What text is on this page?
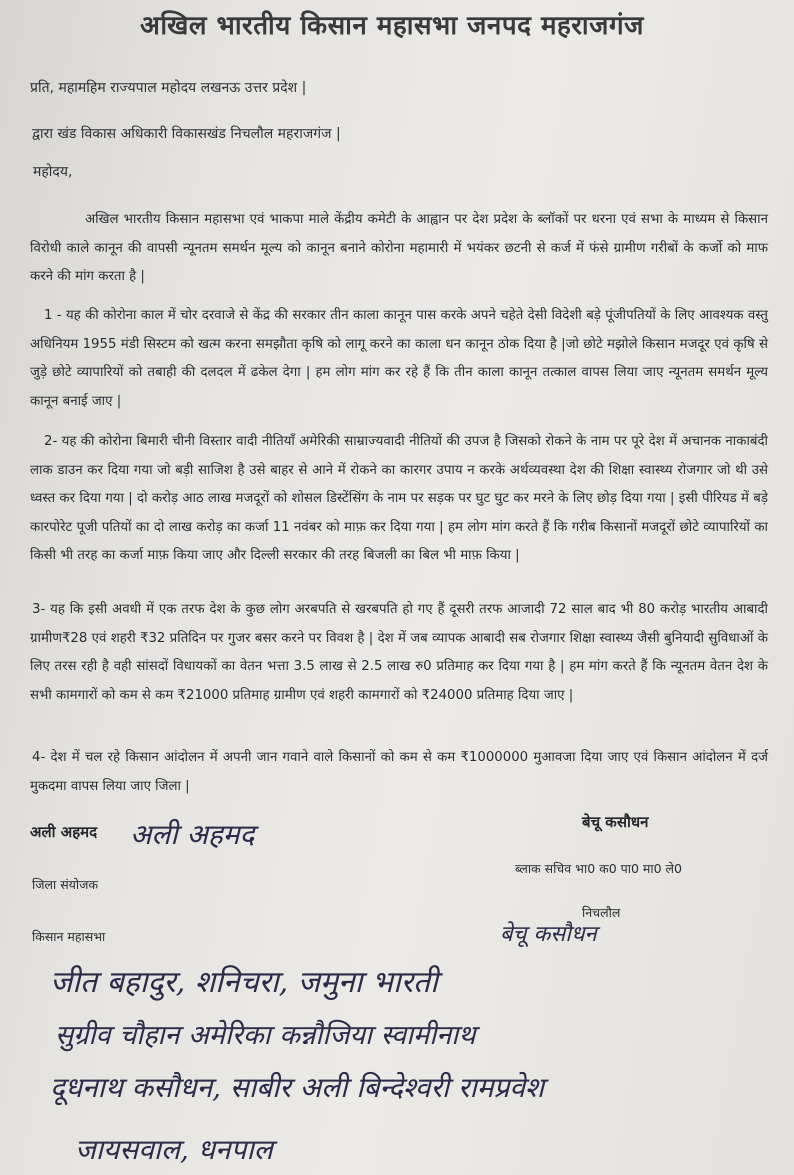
अखिल भारतीय किसान महासभा जनपद महराजगंज
प्रति, महामहिम राज्यपाल महोदय लखनऊ उत्तर प्रदेश |
द्वारा खंड विकास अधिकारी विकासखंड निचलौल महराजगंज |
महोदय,
अखिल भारतीय किसान महासभा एवं भाकपा माले केंद्रीय कमेटी के आह्वान पर देश प्रदेश के ब्लॉकों पर धरना एवं सभा के माध्यम से किसान विरोधी काले कानून की वापसी न्यूनतम समर्थन मूल्य को कानून बनाने कोरोना महामारी में भयंकर छटनी से कर्ज में फंसे ग्रामीण गरीबों के कर्जो को माफ करने की मांग करता है |
1 - यह की कोरोना काल में चोर दरवाजे से केंद्र की सरकार तीन काला कानून पास करके अपने चहेते देसी विदेशी बड़े पूंजीपतियों के लिए आवश्यक वस्तु अधिनियम 1955 मंडी सिस्टम को खत्म करना समझौता कृषि को लागू करने का काला धन कानून ठोक दिया है |जो छोटे मझोले किसान मजदूर एवं कृषि से जुड़े छोटे व्यापारियों को तबाही की दलदल में ढकेल देगा | हम लोग मांग कर रहे हैं कि तीन काला कानून तत्काल वापस लिया जाए न्यूनतम समर्थन मूल्य कानून बनाई जाए |
2- यह की कोरोना बिमारी चीनी विस्तार वादी नीतियाँ अमेरिकी साम्राज्यवादी नीतियों की उपज है जिसको रोकने के नाम पर पूरे देश में अचानक नाकाबंदी लाक डाउन कर दिया गया जो बड़ी साजिश है उसे बाहर से आने में रोकने का कारगर उपाय न करके अर्थव्यवस्था देश की शिक्षा स्वास्थ्य रोजगार जो थी उसे ध्वस्त कर दिया गया | दो करोड़ आठ लाख मजदूरों को शोसल डिस्टेंसिंग के नाम पर सड़क पर घुट घुट कर मरने के लिए छोड़ दिया गया | इसी पीरियड में बड़े कारपोरेट पूजी पतियों का दो लाख करोड़ का कर्जा 11 नवंबर को माफ़ कर दिया गया | हम लोग मांग करते हैं कि गरीब किसानों मजदूरों छोटे व्यापारियों का किसी भी तरह का कर्जा माफ़ किया जाए और दिल्ली सरकार की तरह बिजली का बिल भी माफ़ किया |
3- यह कि इसी अवधी में एक तरफ देश के कुछ लोग अरबपति से खरबपति हो गए हैं दूसरी तरफ आजादी 72 साल बाद भी 80 करोड़ भारतीय आबादी ग्रामीण₹28 एवं शहरी ₹32 प्रतिदिन पर गुजर बसर करने पर विवश है | देश में जब व्यापक आबादी सब रोजगार शिक्षा स्वास्थ्य जैसी बुनियादी सुविधाओं के लिए तरस रही है वही सांसदों विधायकों का वेतन भत्ता 3.5 लाख से 2.5 लाख रु0 प्रतिमाह कर दिया गया है | हम मांग करते हैं कि न्यूनतम वेतन देश के सभी कामगारों को कम से कम ₹21000 प्रतिमाह ग्रामीण एवं शहरी कामगारों को ₹24000 प्रतिमाह दिया जाए |
4- देश में चल रहे किसान आंदोलन में अपनी जान गवाने वाले किसानों को कम से कम ₹1000000 मुआवजा दिया जाए एवं किसान आंदोलन में दर्ज मुकदमा वापस लिया जाए जिला |
अली अहमद अली अहमद
जिला संयोजक
किसान महासभा
बेचू कसौधन
ब्लाक सचिव भा0 क0 पा0 मा0 ले0
निचलौल
बेचू कसौधन
जीत बहादुर, शनिचरा, जमुना भारती
सुग्रीव चौहान अमेरिका कन्नौजिया स्वामीनाथ
दूधनाथ कसौधन, साबीर अली बिन्देश्वरी रामप्रवेश
जायसवाल, धनपाल
